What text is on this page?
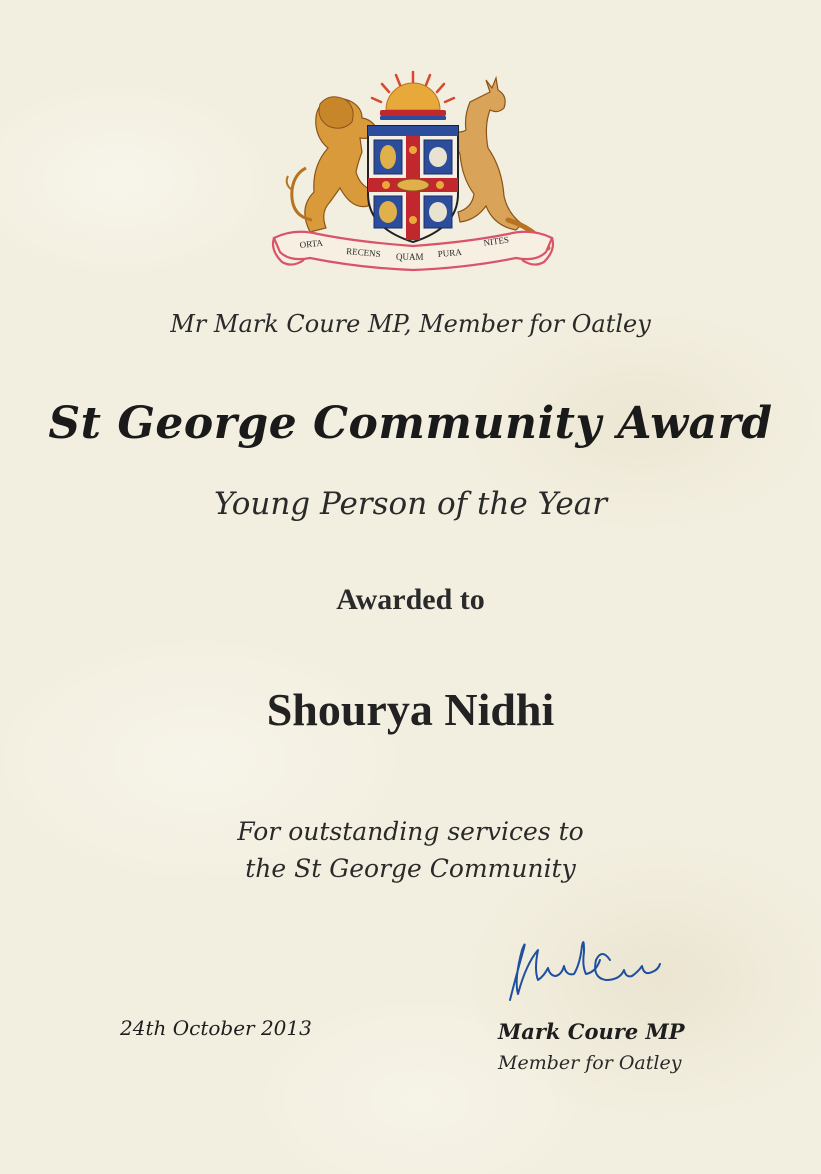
ORTA
RECENS QUAM PURA
NITES
Mr Mark Coure MP, Member for Oatley
St George Community Award
Young Person of the Year
Awarded to
Shourya Nidhi
For outstanding services to
the St George Community
24th October 2013	Mark Coure MP
Member for Oatley
